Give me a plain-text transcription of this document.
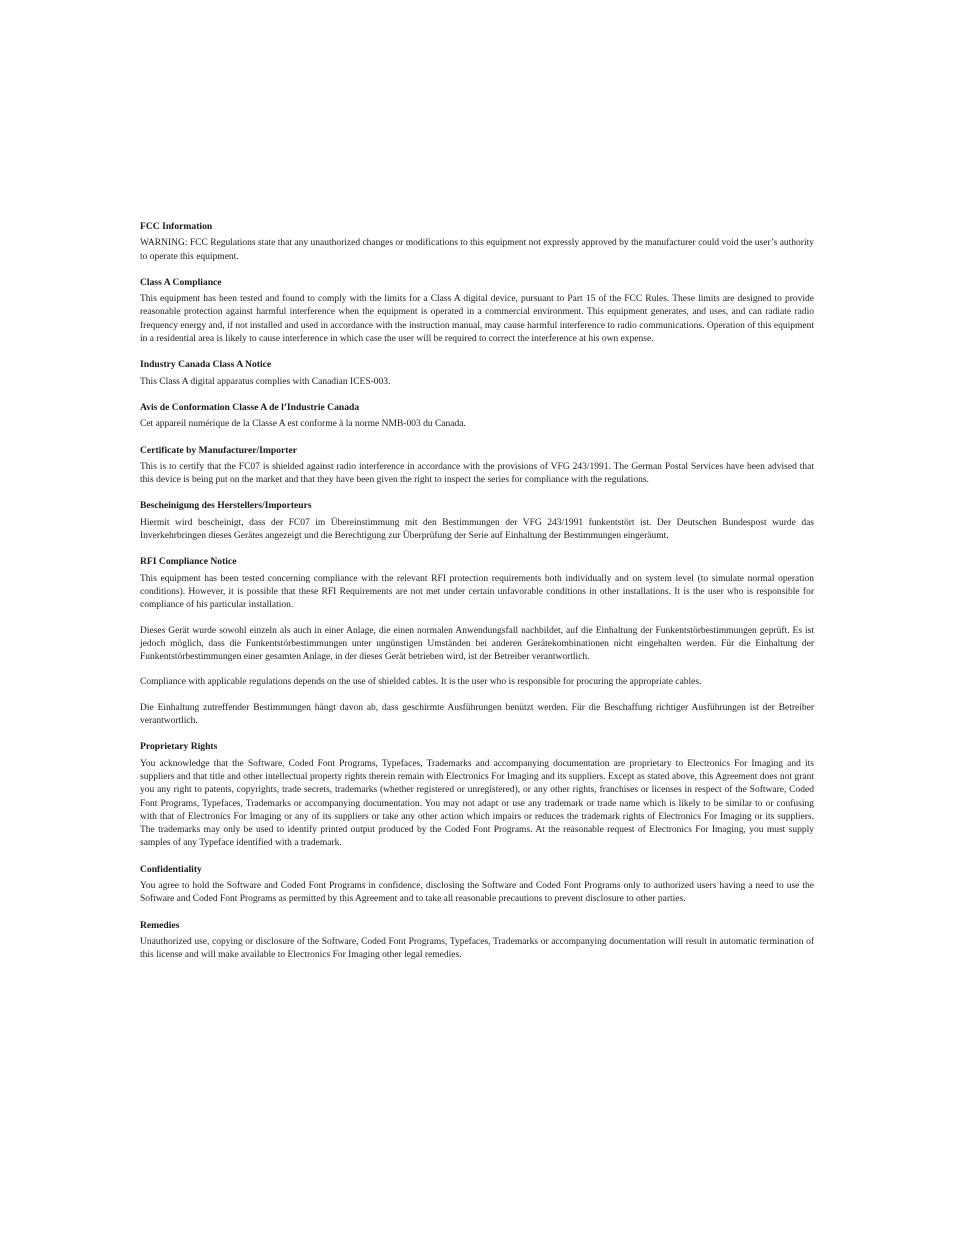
FCC Information

WARNING: FCC Regulations state that any unauthorized changes or modifications to this equipment not expressly approved by the manufacturer could void the user’s authority to operate this equipment.

Class A Compliance

This equipment has been tested and found to comply with the limits for a Class A digital device, pursuant to Part 15 of the FCC Rules. These limits are designed to provide reasonable protection against harmful interference when the equipment is operated in a commercial environment. This equipment generates, and uses, and can radiate radio frequency energy and, if not installed and used in accordance with the instruction manual, may cause harmful interference to radio communications. Operation of this equipment in a residential area is likely to cause interference in which case the user will be required to correct the interference at his own expense.

Industry Canada Class A Notice

This Class A digital apparatus complies with Canadian ICES-003.

Avis de Conformation Classe A de l’Industrie Canada

Cet appareil numérique de la Classe A est conforme à la norme NMB-003 du Canada.

Certificate by Manufacturer/Importer

This is to certify that the FC07 is shielded against radio interference in accordance with the provisions of VFG 243/1991. The German Postal Services have been advised that this device is being put on the market and that they have been given the right to inspect the series for compliance with the regulations.

Bescheinigung des Herstellers/Importeurs

Hiermit wird bescheinigt, dass der FC07 im Übereinstimmung mit den Bestimmungen der VFG 243/1991 funkentstört ist. Der Deutschen Bundespost wurde das Inverkehrbringen dieses Gerätes angezeigt und die Berechtigung zur Überprüfung der Serie auf Einhaltung der Bestimmungen eingeräumt.

RFI Compliance Notice

This equipment has been tested concerning compliance with the relevant RFI protection requirements both individually and on system level (to simulate normal operation conditions). However, it is possible that these RFI Requirements are not met under certain unfavorable conditions in other installations. It is the user who is responsible for compliance of his particular installation.

Dieses Gerät wurde sowohl einzeln als auch in einer Anlage, die einen normalen Anwendungsfall nachbildet, auf die Einhaltung der Funkentstörbestimmungen geprüft. Es ist jedoch möglich, dass die Funkentstörbestimmungen unter ungünstigen Umständen bei anderen Gerätekombinationen nicht eingehalten werden. Für die Einhaltung der Funkentstörbestimmungen einer gesamten Anlage, in der dieses Gerät betrieben wird, ist der Betreiber verantwortlich.

Compliance with applicable regulations depends on the use of shielded cables. It is the user who is responsible for procuring the appropriate cables.

Die Einhaltung zutreffender Bestimmungen hängt davon ab, dass geschirmte Ausführungen benützt werden. Für die Beschaffung richtiger Ausführungen ist der Betreiber verantwortlich.

Proprietary Rights

You acknowledge that the Software, Coded Font Programs, Typefaces, Trademarks and accompanying documentation are proprietary to Electronics For Imaging and its suppliers and that title and other intellectual property rights therein remain with Electronics For Imaging and its suppliers. Except as stated above, this Agreement does not grant you any right to patents, copyrights, trade secrets, trademarks (whether registered or unregistered), or any other rights, franchises or licenses in respect of the Software, Coded Font Programs, Typefaces, Trademarks or accompanying documentation. You may not adapt or use any trademark or trade name which is likely to be similar to or confusing with that of Electronics For Imaging or any of its suppliers or take any other action which impairs or reduces the trademark rights of Electronics For Imaging or its suppliers. The trademarks may only be used to identify printed output produced by the Coded Font Programs. At the reasonable request of Electronics For Imaging, you must supply samples of any Typeface identified with a trademark.

Confidentiality

You agree to hold the Software and Coded Font Programs in confidence, disclosing the Software and Coded Font Programs only to authorized users having a need to use the Software and Coded Font Programs as permitted by this Agreement and to take all reasonable precautions to prevent disclosure to other parties.

Remedies

Unauthorized use, copying or disclosure of the Software, Coded Font Programs, Typefaces, Trademarks or accompanying documentation will result in automatic termination of this license and will make available to Electronics For Imaging other legal remedies.
